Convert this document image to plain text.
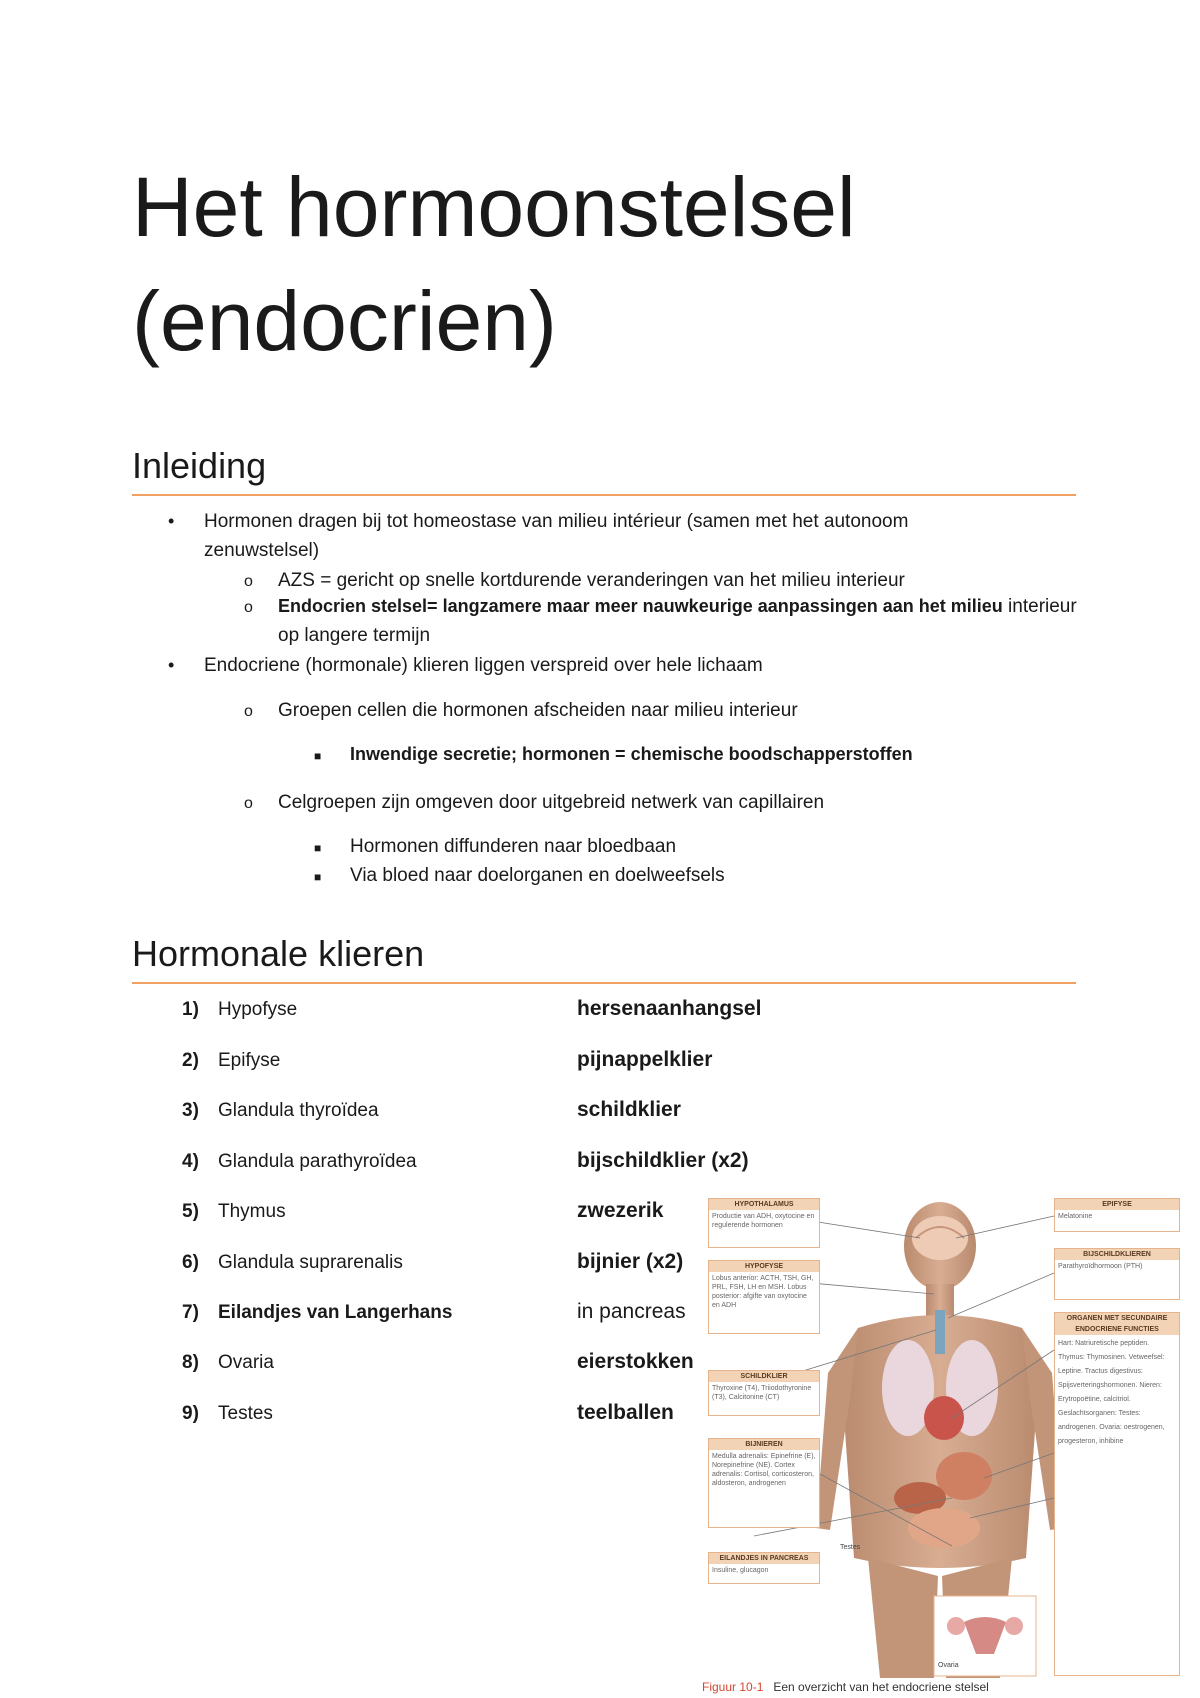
Het hormoonstelsel
(endocrien)
Inleiding
• Hormonen dragen bij tot homeostase van milieu intérieur (samen met het autonoom
zenuwstelsel)
o AZS = gericht op snelle kortdurende veranderingen van het milieu interieur
o Endocrien stelsel= langzamere maar meer nauwkeurige aanpassingen aan het milieu interieur
op langere termijn
• Endocriene (hormonale) klieren liggen verspreid over hele lichaam
o Groepen cellen die hormonen afscheiden naar milieu interieur
■ Inwendige secretie; hormonen = chemische boodschapperstoffen
o Celgroepen zijn omgeven door uitgebreid netwerk van capillairen
■ Hormonen diffunderen naar bloedbaan
■ Via bloed naar doelorganen en doelweefsels
Hormonale klieren
1) Hypofyse	hersenaanhangsel
2) Epifyse	pijnappelklier
3) Glandula thyroïdea	schildklier
4) Glandula parathyroïdea	bijschildklier (x2)
5) Thymus	zwezerik
6) Glandula suprarenalis	bijnier (x2)
7) Eilandjes van Langerhans	in pancreas
8) Ovaria	eierstokken
9) Testes	teelballen
HYPOTHALAMUS
Productie van ADH, oxytocine en regulerende hormonen
HYPOFYSE
Lobus anterior: ACTH, TSH, GH, PRL, FSH, LH en MSH. Lobus posterior: afgifte van oxytocine en ADH
SCHILDKLIER
Thyroxine (T4), Triiodothyronine (T3), Calcitonine (CT)
BIJNIEREN
Medulla adrenalis: Epinefrine (E), Norepinefrine (NE). Cortex adrenalis: Cortisol, corticosteron, aldosteron, androgenen
EILANDJES IN PANCREAS
Insuline, glucagon
EPIFYSE
Melatonine
BIJSCHILDKLIEREN
Parathyroïdhormoon (PTH)
ORGANEN MET SECUNDAIRE ENDOCRIENE FUNCTIES
Hart: Natriuretische peptiden. Thymus: Thymosinen. Vetweefsel: Leptine. Tractus digestivus: Spijsverteringshormonen. Nieren: Erytropoëtine, calcitriol. Geslachtsorganen: Testes: androgenen. Ovaria: oestrogenen, progesteron, inhibine
Testes
Ovaria
Figuur 10-1 Een overzicht van het endocriene stelsel
